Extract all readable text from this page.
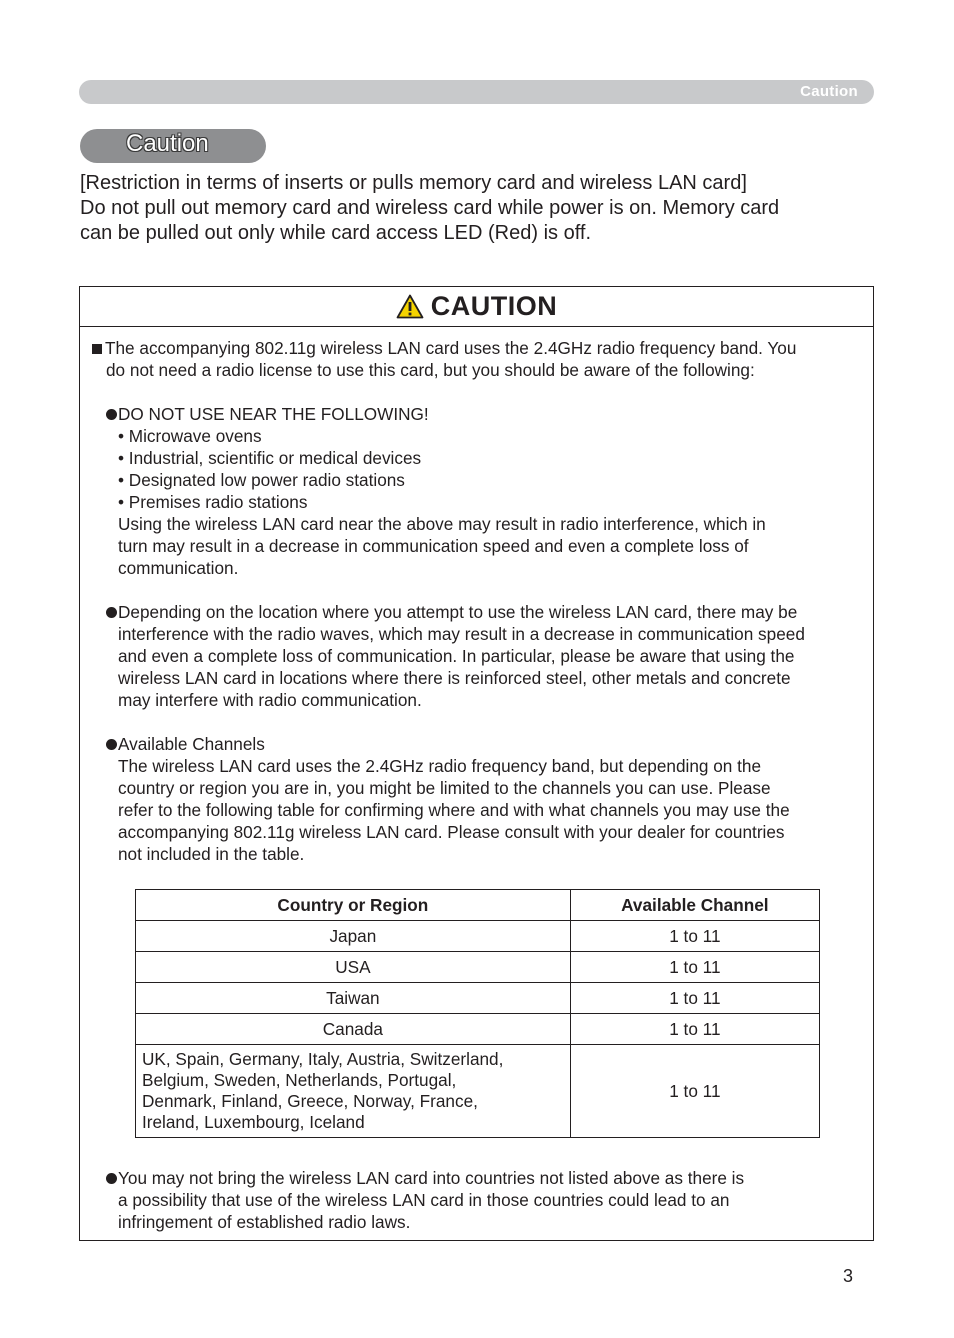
Caution
Caution

[Restriction in terms of inserts or pulls memory card and wireless LAN card]

Do not pull out memory card and wireless card while power is on. Memory card

can be pulled out only while card access LED (Red) is off.

CAUTION
The accompanying 802.11g wireless LAN card uses the 2.4GHz radio frequency band. You
do not need a radio license to use this card, but you should be aware of the following:
DO NOT USE NEAR THE FOLLOWING!
• Microwave ovens
• Industrial, scientific or medical devices
• Designated low power radio stations
• Premises radio stations
Using the wireless LAN card near the above may result in radio interference, which in
turn may result in a decrease in communication speed and even a complete loss of
communication.
Depending on the location where you attempt to use the wireless LAN card, there may be
interference with the radio waves, which may result in a decrease in communication speed
and even a complete loss of communication. In particular, please be aware that using the
wireless LAN card in locations where there is reinforced steel, other metals and concrete
may interfere with radio communication.
Available Channels
The wireless LAN card uses the 2.4GHz radio frequency band, but depending on the
country or region you are in, you might be limited to the channels you can use. Please
refer to the following table for confirming where and with what channels you may use the
accompanying 802.11g wireless LAN card. Please consult with your dealer for countries
not included in the table.
Country or Region	Available Channel
Japan	1 to 11
USA	1 to 11
Taiwan	1 to 11
Canada	1 to 11

UK, Spain, Germany, Italy, Austria, Switzerland,
Belgium, Sweden, Netherlands, Portugal,
Denmark, Finland, Greece, Norway, France,
Ireland, Luxembourg, Iceland	1 to 11
You may not bring the wireless LAN card into countries not listed above as there is
a possibility that use of the wireless LAN card in those countries could lead to an
infringement of established radio laws.
3
